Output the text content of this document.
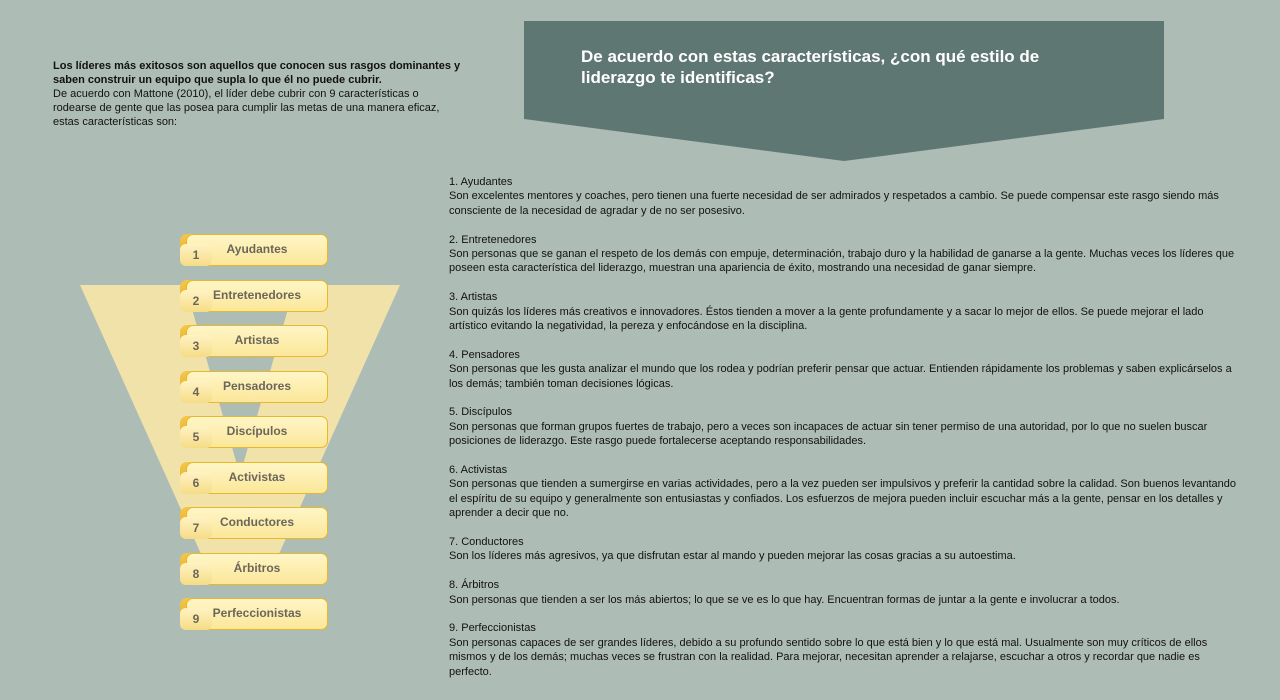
Los líderes más exitosos son aquellos que conocen sus rasgos dominantes y saben construir un equipo que supla lo que él no puede cubrir.
De acuerdo con Mattone (2010), el líder debe cubrir con 9 características o rodearse de gente que las posea para cumplir las metas de una manera eficaz, estas características son:
De acuerdo con estas características, ¿con qué estilo de liderazgo te identificas?
Ayudantes
1
Entretenedores
2
Artistas
3
Pensadores
4
Discípulos
5
Activistas
6
Conductores
7
Árbitros
8
Perfeccionistas
9
1. Ayudantes
Son excelentes mentores y coaches, pero tienen una fuerte necesidad de ser admirados y respetados a cambio. Se puede compensar este rasgo siendo más consciente de la necesidad de agradar y de no ser posesivo.
2. Entretenedores
Son personas que se ganan el respeto de los demás con empuje, determinación, trabajo duro y la habilidad de ganarse a la gente. Muchas veces los líderes que poseen esta característica del liderazgo, muestran una apariencia de éxito, mostrando una necesidad de ganar siempre.
3. Artistas
Son quizás los líderes más creativos e innovadores. Éstos tienden a mover a la gente profundamente y a sacar lo mejor de ellos. Se puede mejorar el lado artístico evitando la negatividad, la pereza y enfocándose en la disciplina.
4. Pensadores
Son personas que les gusta analizar el mundo que los rodea y podrían preferir pensar que actuar. Entienden rápidamente los problemas y saben explicárselos a los demás; también toman decisiones lógicas.
5. Discípulos
Son personas que forman grupos fuertes de trabajo, pero a veces son incapaces de actuar sin tener permiso de una autoridad, por lo que no suelen buscar posiciones de liderazgo. Este rasgo puede fortalecerse aceptando responsabilidades.
6. Activistas
Son personas que tienden a sumergirse en varias actividades, pero a la vez pueden ser impulsivos y preferir la cantidad sobre la calidad. Son buenos levantando el espíritu de su equipo y generalmente son entusiastas y confiados. Los esfuerzos de mejora pueden incluir escuchar más a la gente, pensar en los detalles y aprender a decir que no.
7. Conductores
Son los líderes más agresivos, ya que disfrutan estar al mando y pueden mejorar las cosas gracias a su autoestima.
8. Árbitros
Son personas que tienden a ser los más abiertos; lo que se ve es lo que hay. Encuentran formas de juntar a la gente e involucrar a todos.
9. Perfeccionistas
Son personas capaces de ser grandes líderes, debido a su profundo sentido sobre lo que está bien y lo que está mal. Usualmente son muy críticos de ellos mismos y de los demás; muchas veces se frustran con la realidad. Para mejorar, necesitan aprender a relajarse, escuchar a otros y recordar que nadie es perfecto.
